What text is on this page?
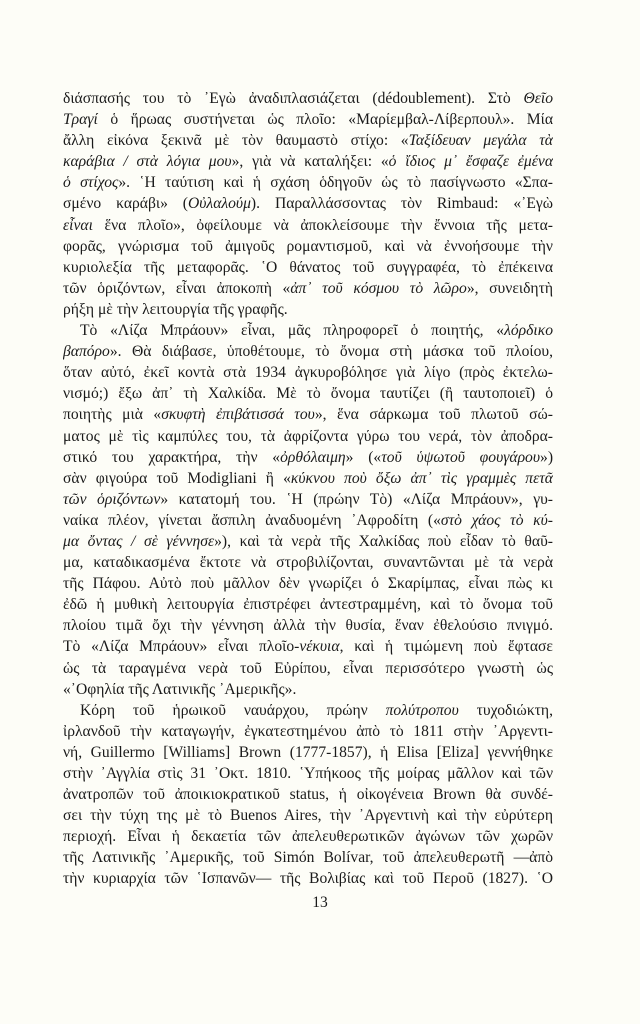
διάσπασής του τὸ ᾿Εγὼ ἀναδιπλασιάζεται (dédoublement). Στὸ Θεῖο
Τραγί ὁ ἥρωας συστήνεται ὡς πλοῖο: «Μαρίεμβαλ-Λίβερπουλ». Μία
ἄλλη εἰκόνα ξεκινᾶ μὲ τὸν θαυμαστὸ στίχο: «Ταξίδευαν μεγάλα τὰ
καράβια / στὰ λόγια μου», γιὰ νὰ καταλήξει: «ὁ ἴδιος μ᾽ ἔσφαζε ἐμένα
ὁ στίχος». ῾Η ταύτιση καὶ ἡ σχάση ὁδηγοῦν ὡς τὸ πασίγνωστο «Σπα-
σμένο καράβι» (Οὐλαλούμ). Παραλλάσσοντας τὸν Rimbaud: «᾿Εγὼ
εἶναι ἕνα πλοῖο», ὀφείλουμε νὰ ἀποκλείσουμε τὴν ἔννοια τῆς μετα-
φορᾶς, γνώρισμα τοῦ ἀμιγοῦς ρομαντισμοῦ, καὶ νὰ ἐννοήσουμε τὴν
κυριολεξία τῆς μεταφορᾶς. ῾Ο θάνατος τοῦ συγγραφέα, τὸ ἐπέκεινα
τῶν ὁριζόντων, εἶναι ἀποκοπὴ «ἀπ᾽ τοῦ κόσμου τὸ λῶρο», συνειδητὴ
ρήξη μὲ τὴν λειτουργία τῆς γραφῆς.
Τὸ «Λίζα Μπράουν» εἶναι, μᾶς πληροφορεῖ ὁ ποιητής, «λόρδικο
βαπόρο». Θὰ διάβασε, ὑποθέτουμε, τὸ ὄνομα στὴ μάσκα τοῦ πλοίου,
ὅταν αὐτό, ἐκεῖ κοντὰ στὰ 1934 ἀγκυροβόλησε γιὰ λίγο (πρὸς ἐκτελω-
νισμό;) ἔξω ἀπ᾽ τὴ Χαλκίδα. Μὲ τὸ ὄνομα ταυτίζει (ἢ ταυτοποιεῖ) ὁ
ποιητὴς μιὰ «σκυφτὴ ἐπιβάτισσά του», ἕνα σάρκωμα τοῦ πλωτοῦ σώ-
ματος μὲ τὶς καμπύλες του, τὰ ἀφρίζοντα γύρω του νερά, τὸν ἀποδρα-
στικό του χαρακτήρα, τὴν «ὀρθόλαιμη» («τοῦ ὑψωτοῦ φουγάρου»)
σὰν φιγούρα τοῦ Modigliani ἢ «κύκνου ποὺ ὄξω ἀπ᾽ τὶς γραμμὲς πετᾶ
τῶν ὁριζόντων» κατατομή του. ῾Η (πρώην Τὸ) «Λίζα Μπράουν», γυ-
ναίκα πλέον, γίνεται ἄσπιλη ἀναδυομένη ᾿Αφροδίτη («στὸ χάος τὸ κύ-
μα ὄντας / σὲ γέννησε»), καὶ τὰ νερὰ τῆς Χαλκίδας ποὺ εἶδαν τὸ θαῦ-
μα, καταδικασμένα ἔκτοτε νὰ στροβιλίζονται, συναντῶνται μὲ τὰ νερὰ
τῆς Πάφου. Αὐτὸ ποὺ μᾶλλον δὲν γνωρίζει ὁ Σκαρίμπας, εἶναι πὼς κι
ἐδῶ ἡ μυθικὴ λειτουργία ἐπιστρέφει ἀντεστραμμένη, καὶ τὸ ὄνομα τοῦ
πλοίου τιμᾶ ὄχι τὴν γέννηση ἀλλὰ τὴν θυσία, ἕναν ἐθελούσιο πνιγμό.
Τὸ «Λίζα Μπράουν» εἶναι πλοῖο-νέκυια, καὶ ἡ τιμώμενη ποὺ ἔφτασε
ὡς τὰ ταραγμένα νερὰ τοῦ Εὐρίπου, εἶναι περισσότερο γνωστὴ ὡς
«᾿Οφηλία τῆς Λατινικῆς ᾿Αμερικῆς».
Κόρη τοῦ ἡρωικοῦ ναυάρχου, πρώην πολύτροπου τυχοδιώκτη,
ἰρλανδοῦ τὴν καταγωγήν, ἐγκατεστημένου ἀπὸ τὸ 1811 στὴν ᾿Αργεντι-
νή, Guillermo [Williams] Brown (1777-1857), ἡ Elisa [Eliza] γεννήθηκε
στὴν ᾿Αγγλία στὶς 31 ᾿Οκτ. 1810. ῾Υπήκοος τῆς μοίρας μᾶλλον καὶ τῶν
ἀνατροπῶν τοῦ ἀποικιοκρατικοῦ status, ἡ οἰκογένεια Brown θὰ συνδέ-
σει τὴν τύχη της μὲ τὸ Buenos Aires, τὴν ᾿Αργεντινὴ καὶ τὴν εὐρύτερη
περιοχή. Εἶναι ἡ δεκαετία τῶν ἀπελευθερωτικῶν ἀγώνων τῶν χωρῶν
τῆς Λατινικῆς ᾿Αμερικῆς, τοῦ Simón Bolívar, τοῦ ἀπελευθερωτῆ —ἀπὸ
τὴν κυριαρχία τῶν ῾Ισπανῶν— τῆς Βολιβίας καὶ τοῦ Περοῦ (1827). ῾Ο
13
